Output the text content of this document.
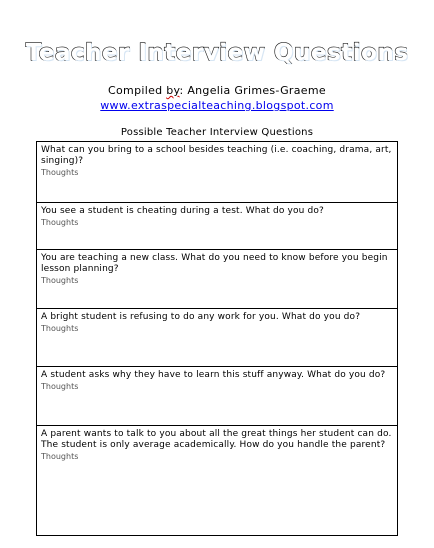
Teacher Interview Questions
Compiled by: Angelia Grimes-Graeme
www.extraspecialteaching.blogspot.com
Possible Teacher Interview Questions
What can you bring to a school besides teaching (i.e. coaching, drama, art, singing)?
Thoughts
You see a student is cheating during a test. What do you do?
Thoughts
You are teaching a new class. What do you need to know before you begin lesson planning?
Thoughts
A bright student is refusing to do any work for you. What do you do?
Thoughts
A student asks why they have to learn this stuff anyway. What do you do?
Thoughts
A parent wants to talk to you about all the great things her student can do. The student is only average academically. How do you handle the parent?
Thoughts
